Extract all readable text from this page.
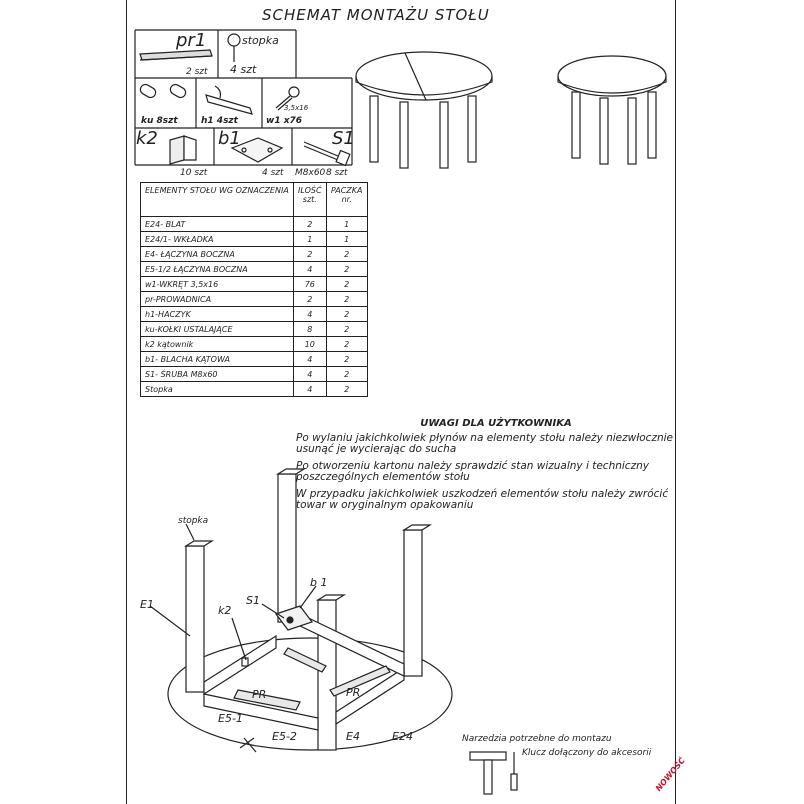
SCHEMAT MONTAŻU STOŁU
pr1
2 szt
stopka
4 szt
ku 8szt	h1 4szt	w1 x76
3,5x16
k2
10 szt
b1
4 szt
S1
M8x60 8 szt
ELEMENTY STOŁU WG OZNACZENIA	ILOŚĆ szt.	PACZKA nr.
E24- BLAT	2	1
E24/1- WKŁADKA	1	1
E4- ŁĄCZYNA BOCZNA	2	2
E5-1/2 ŁĄCZYNA BOCZNA	4	2
w1-WKRĘT 3,5x16	76	2
pr-PROWADNICA	2	2
h1-HACZYK	4	2
ku-KOŁKI USTALAJĄCE	8	2
k2 kątownik	10	2
b1- BLACHA KĄTOWA	4	2
S1- ŚRUBA M8x60	4	2
Stopka	4	2
UWAGI DLA UŻYTKOWNIKA

Po wylaniu jakichkolwiek płynów na elementy stołu należy niezwłocznie usunąć je wycierając do sucha

Po otworzeniu kartonu należy sprawdzić stan wizualny i techniczny poszczególnych elementów stołu

W przypadku jakichkolwiek uszkodzeń elementów stołu należy zwrócić towar w oryginalnym opakowaniu

stopka
E1	k2
S1
b 1
PR	PR
E5-1
E5-2	E4	E24	Narzedzia potrzebne do montazu
Klucz dołączony do akcesorii
NOWOŚĆ
